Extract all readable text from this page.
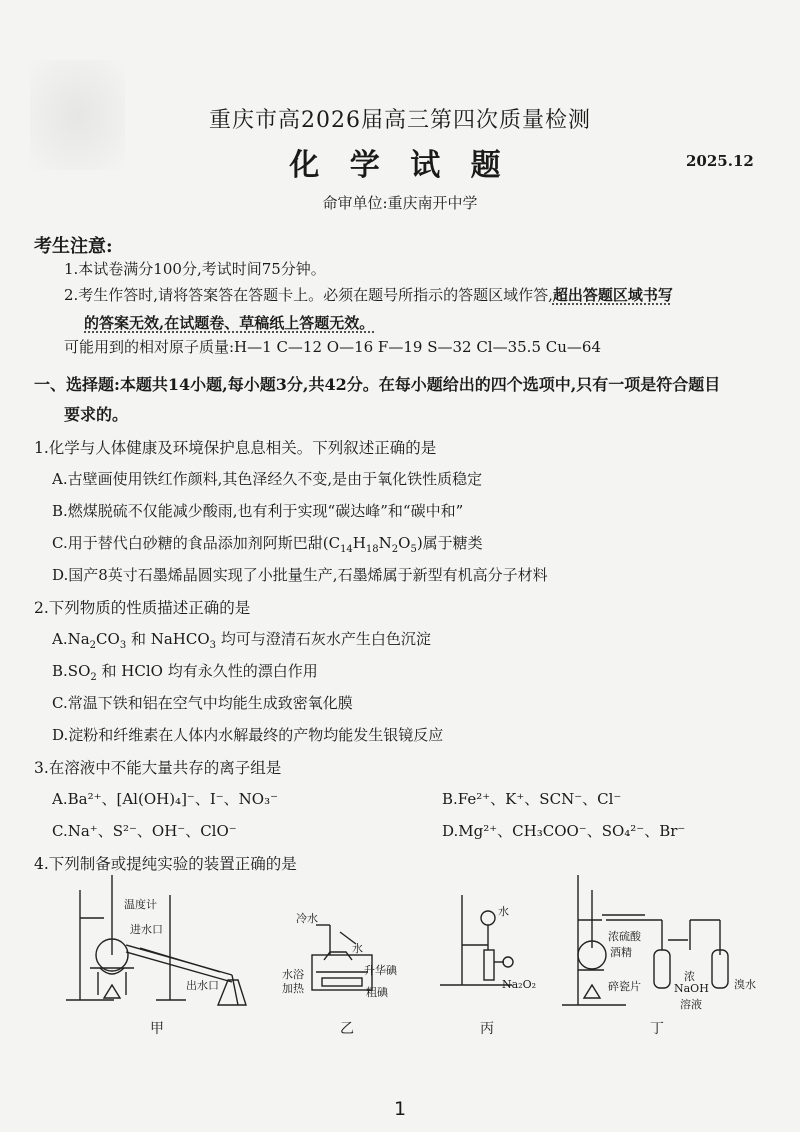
重庆市高2026届高三第四次质量检测
化 学 试 题	2025.12
命审单位:重庆南开中学
考生注意:
1.本试卷满分100分,考试时间75分钟。
2.考生作答时,请将答案答在答题卡上。必须在题号所指示的答题区域作答,超出答题区域书写
的答案无效,在试题卷、草稿纸上答题无效。
可能用到的相对原子质量:H—1 C—12 O—16 F—19 S—32 Cl—35.5 Cu—64
一、选择题:本题共14小题,每小题3分,共42分。在每小题给出的四个选项中,只有一项是符合题目
要求的。
1.化学与人体健康及环境保护息息相关。下列叙述正确的是
A.古壁画使用铁红作颜料,其色泽经久不变,是由于氧化铁性质稳定
B.燃煤脱硫不仅能减少酸雨,也有利于实现“碳达峰”和“碳中和”
C.用于替代白砂糖的食品添加剂阿斯巴甜$(C_{14}H_{18}N_2O_5)$属于糖类
D.国产8英寸石墨烯晶圆实现了小批量生产,石墨烯属于新型有机高分子材料
2.下列物质的性质描述正确的是
$A.Na_2CO_3$ 和 NaHCO$_3$ 均可与澄清石灰水产生白色沉淀
$B.SO_2$ 和 HClO 均有永久性的漂白作用
C.常温下铁和铝在空气中均能生成致密氧化膜
D.淀粉和纤维素在人体内水解最终的产物均能发生银镜反应
3.在溶液中不能大量共存的离子组是
A.Ba²⁺、[Al(OH)₄]⁻、I⁻、NO₃⁻	B.Fe²⁺、K⁺、SCN⁻、Cl⁻
C.Na⁺、S²⁻、OH⁻、ClO⁻	D.Mg²⁺、CH₃COO⁻、SO₄²⁻、Br⁻
4.下列制备或提纯实验的装置正确的是
温度计
进水口
出水口
甲
冷水
水
水浴
加热
升华碘
粗碘
乙
水
Na₂O₂
丙
浓硫酸
酒精
碎瓷片
浓
NaOH
溶液
溴水
丁
1
